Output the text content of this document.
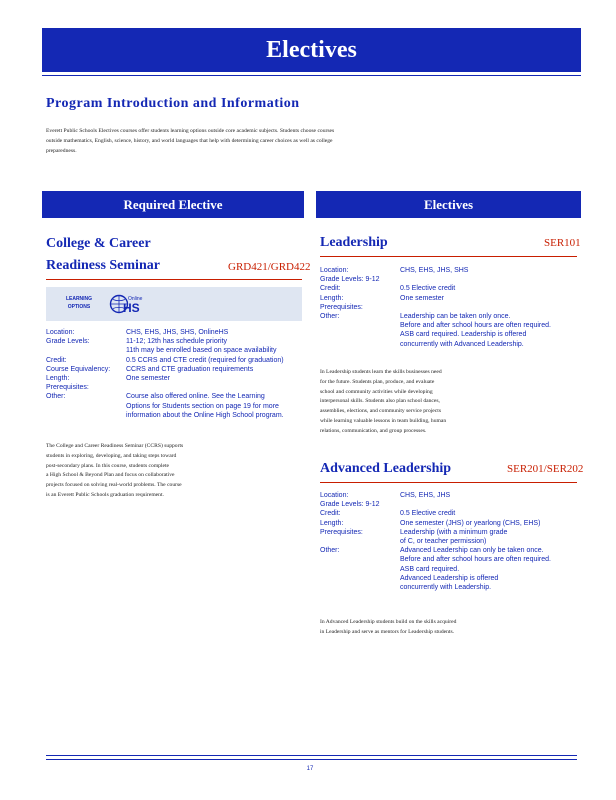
Electives
Program Introduction and Information
Everett Public Schools Electives courses offer students learning options outside core academic subjects. Students choose courses
outside mathematics, English, science, history, and world languages that help with determining career choices as well as college
preparedness.
Required Elective	Electives
College & Career
Readiness Seminar	GRD421/GRD422
LEARNING
OPTIONS
Online
HS
Location:	CHS, EHS, JHS, SHS, OnlineHS
Grade Levels:	11-12; 12th has schedule priority
11th may be enrolled based on space availability
Credit:	0.5 CCRS and CTE credit (required for graduation)
Course Equivalency:	CCRS and CTE graduation requirements
Length:	One semester
Prerequisites:
Other:	Course also offered online. See the Learning
Options for Students section on page 19 for more
information about the Online High School program.
The College and Career Readiness Seminar (CCRS) supports
students in exploring, developing, and taking steps toward
post-secondary plans. In this course, students complete
a High School & Beyond Plan and focus on collaborative
projects focused on solving real-world problems. The course
is an Everett Public Schools graduation requirement.
Leadership	SER101
Location:	CHS, EHS, JHS, SHS
Grade Levels: 9-12
Credit:	0.5 Elective credit
Length:	One semester
Prerequisites:
Other:	Leadership can be taken only once.
Before and after school hours are often required.
ASB card required. Leadership is offered
concurrently with Advanced Leadership.
In Leadership students learn the skills businesses need
for the future. Students plan, produce, and evaluate
school and community activities while developing
interpersonal skills. Students also plan school dances,
assemblies, elections, and community service projects
while learning valuable lessons in team building, human
relations, communication, and group processes.
Advanced Leadership	SER201/SER202
Location:	CHS, EHS, JHS
Grade Levels: 9-12
Credit:	0.5 Elective credit
Length:	One semester (JHS) or yearlong (CHS, EHS)
Prerequisites:	Leadership (with a minimum grade
of C, or teacher permission)
Other:	Advanced Leadership can only be taken once.
Before and after school hours are often required.
ASB card required.
Advanced Leadership is offered
concurrently with Leadership.
In Advanced Leadership students build on the skills acquired
in Leadership and serve as mentors for Leadership students.
17
